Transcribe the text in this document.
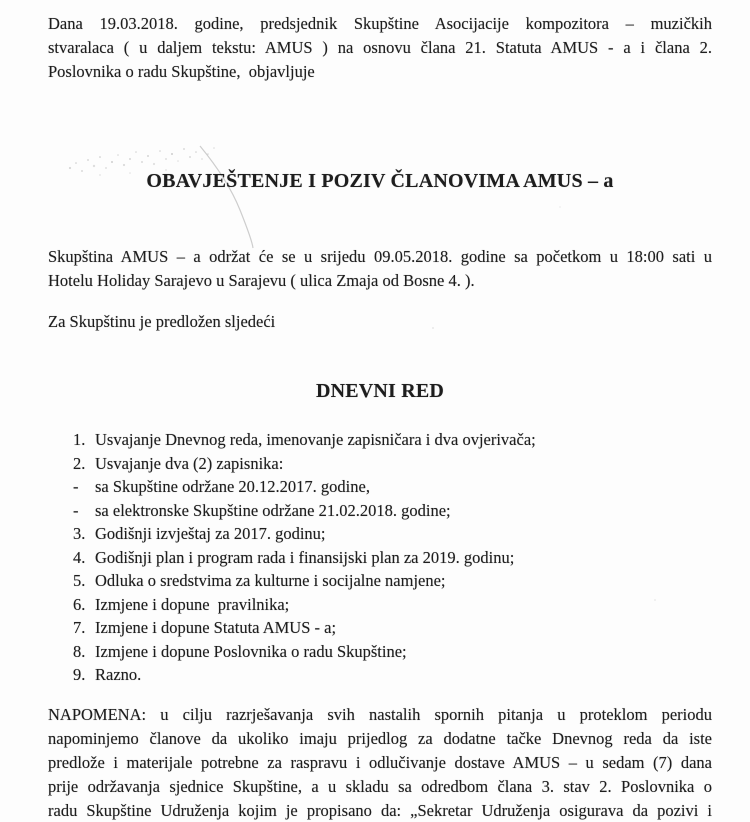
Dana 19.03.2018. godine, predsjednik Skupštine Asocijacije kompozitora – muzičkih
stvaralaca ( u daljem tekstu: AMUS ) na osnovu člana 21. Statuta AMUS - a i člana 2.
Poslovnika o radu Skupštine,  objavljuje
OBAVJEŠTENJE I POZIV ČLANOVIMA AMUS – a
Skupština AMUS – a održat će se u srijedu 09.05.2018. godine sa početkom u 18:00 sati u
Hotelu Holiday Sarajevo u Sarajevu ( ulica Zmaja od Bosne 4. ).
Za Skupštinu je predložen sljedeći
DNEVNI RED
1. Usvajanje Dnevnog reda, imenovanje zapisničara i dva ovjerivača;
2. Usvajanje dva (2) zapisnika:
- sa Skupštine održane 20.12.2017. godine,
- sa elektronske Skupštine održane 21.02.2018. godine;
3. Godišnji izvještaj za 2017. godinu;
4. Godišnji plan i program rada i finansijski plan za 2019. godinu;
5. Odluka o sredstvima za kulturne i socijalne namjene;
6. Izmjene i dopune  pravilnika;
7. Izmjene i dopune Statuta AMUS - a;
8. Izmjene i dopune Poslovnika o radu Skupštine;
9. Razno.
NAPOMENA: u cilju razrješavanja svih nastalih spornih pitanja u proteklom periodu
napominjemo članove da ukoliko imaju prijedlog za dodatne tačke Dnevnog reda da iste
predlože i materijale potrebne za raspravu i odlučivanje dostave AMUS – u sedam (7) dana
prije održavanja sjednice Skupštine, a u skladu sa odredbom člana 3. stav 2. Poslovnika o
radu Skupštine Udruženja kojim je propisano da: „Sekretar Udruženja osigurava da pozivi i
